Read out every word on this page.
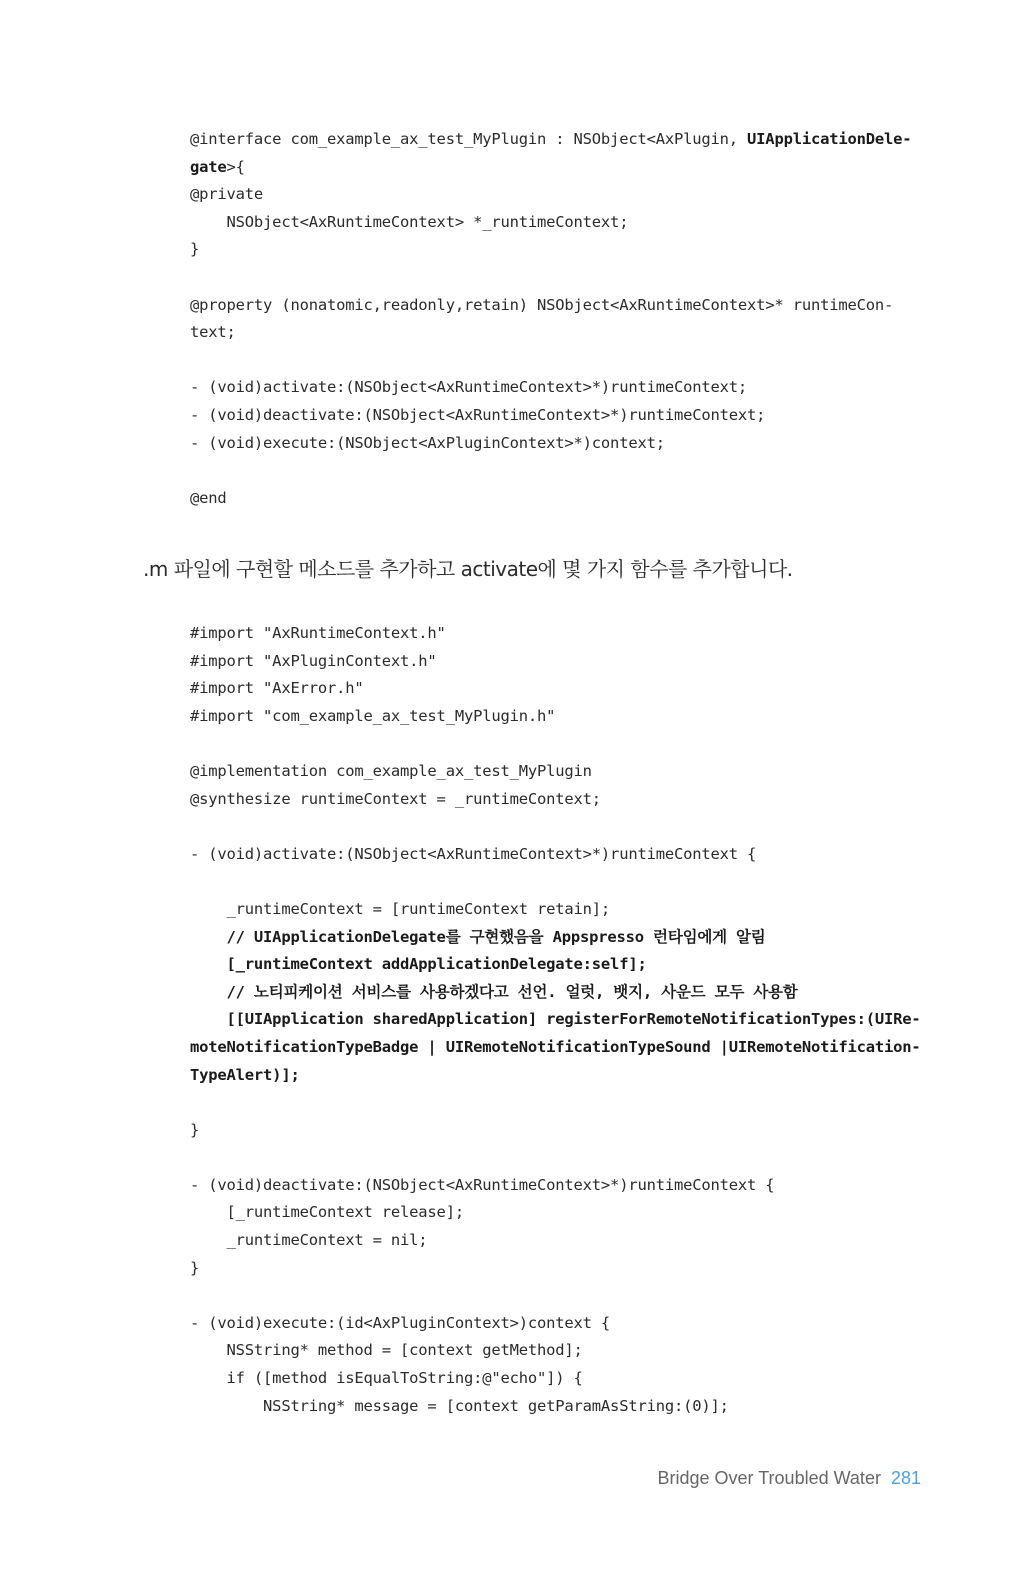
@interface com_example_ax_test_MyPlugin : NSObject<AxPlugin, UIApplicationDele-
gate>{
@private
NSObject<AxRuntimeContext> *_runtimeContext;
}
@property (nonatomic,readonly,retain) NSObject<AxRuntimeContext>* runtimeCon-
text;
- (void)activate:(NSObject<AxRuntimeContext>*)runtimeContext;
- (void)deactivate:(NSObject<AxRuntimeContext>*)runtimeContext;
- (void)execute:(NSObject<AxPluginContext>*)context;
@end
.m 파일에 구현할 메소드를 추가하고 activate에 몇 가지 함수를 추가합니다.
#import "AxRuntimeContext.h"
#import "AxPluginContext.h"
#import "AxError.h"
#import "com_example_ax_test_MyPlugin.h"
@implementation com_example_ax_test_MyPlugin
@synthesize runtimeContext = _runtimeContext;
- (void)activate:(NSObject<AxRuntimeContext>*)runtimeContext {
_runtimeContext = [runtimeContext retain];
// UIApplicationDelegate를 구현했음을 Appspresso 런타임에게 알림
[_runtimeContext addApplicationDelegate:self];
// 노티피케이션 서비스를 사용하겠다고 선언. 얼럿, 뱃지, 사운드 모두 사용함
[[UIApplication sharedApplication] registerForRemoteNotificationTypes:(UIRe-
moteNotificationTypeBadge | UIRemoteNotificationTypeSound |UIRemoteNotification-
TypeAlert)];
}
- (void)deactivate:(NSObject<AxRuntimeContext>*)runtimeContext {
[_runtimeContext release];
_runtimeContext = nil;
}
- (void)execute:(id<AxPluginContext>)context {
NSString* method = [context getMethod];
if ([method isEqualToString:@"echo"]) {
NSString* message = [context getParamAsString:(0)];
Bridge Over Troubled Water 281
